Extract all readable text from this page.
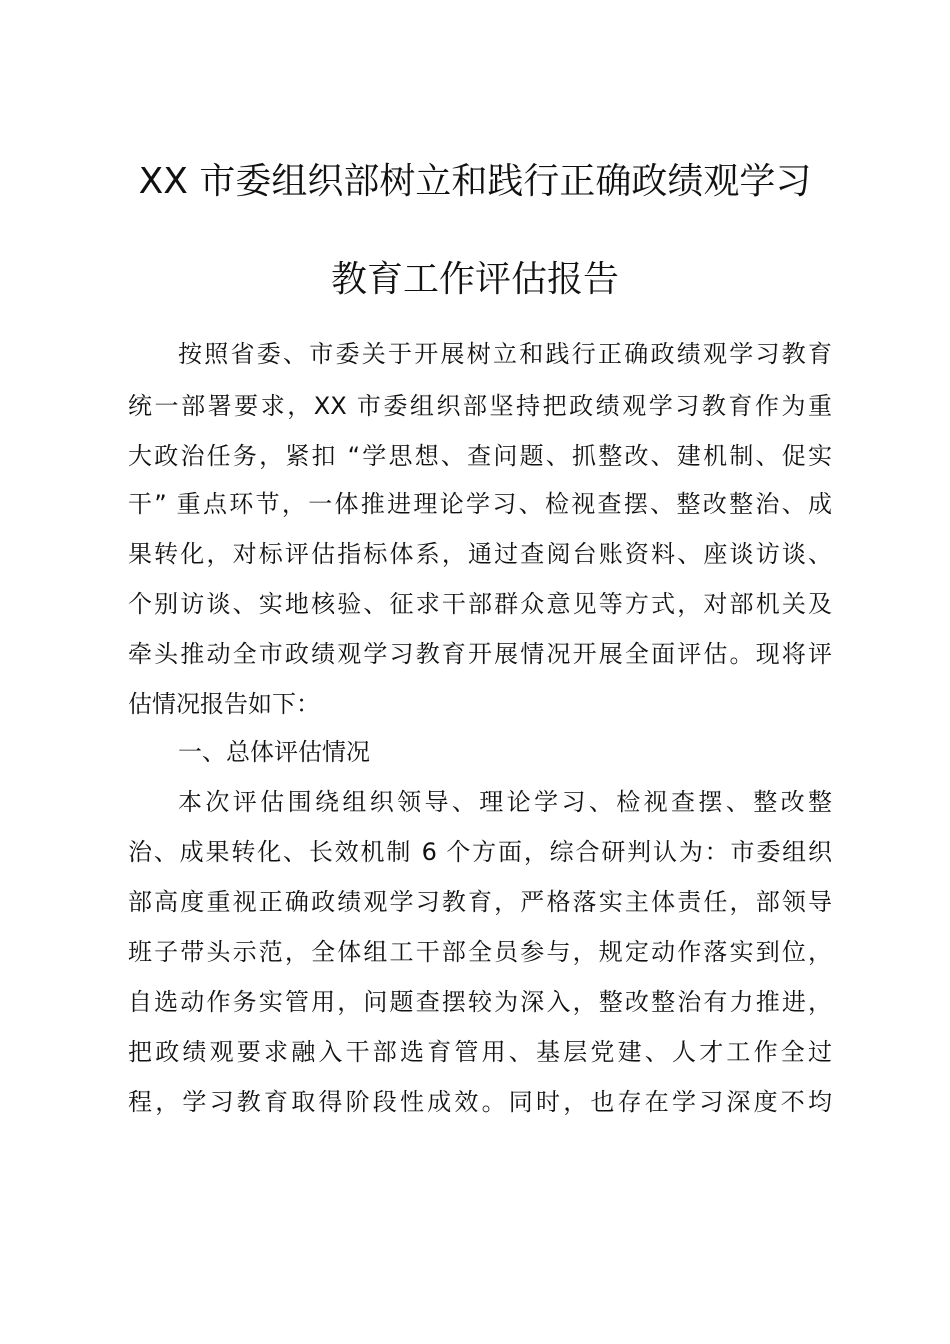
XX 市委组织部树立和践行正确政绩观学习
教育工作评估报告
按照省委、市委关于开展树立和践行正确政绩观学习教育
统一部署要求，XX 市委组织部坚持把政绩观学习教育作为重
大政治任务，紧扣 “学思想、查问题、抓整改、建机制、促实
干” 重点环节，一体推进理论学习、检视查摆、整改整治、成
果转化，对标评估指标体系，通过查阅台账资料、座谈访谈、
个别访谈、实地核验、征求干部群众意见等方式，对部机关及
牵头推动全市政绩观学习教育开展情况开展全面评估。现将评
估情况报告如下：
一、总体评估情况
本次评估围绕组织领导、理论学习、检视查摆、整改整
治、成果转化、长效机制 6 个方面，综合研判认为：市委组织
部高度重视正确政绩观学习教育，严格落实主体责任，部领导
班子带头示范，全体组工干部全员参与，规定动作落实到位，
自选动作务实管用，问题查摆较为深入，整改整治有力推进，
把政绩观要求融入干部选育管用、基层党建、人才工作全过
程，学习教育取得阶段性成效。同时，也存在学习深度不均
